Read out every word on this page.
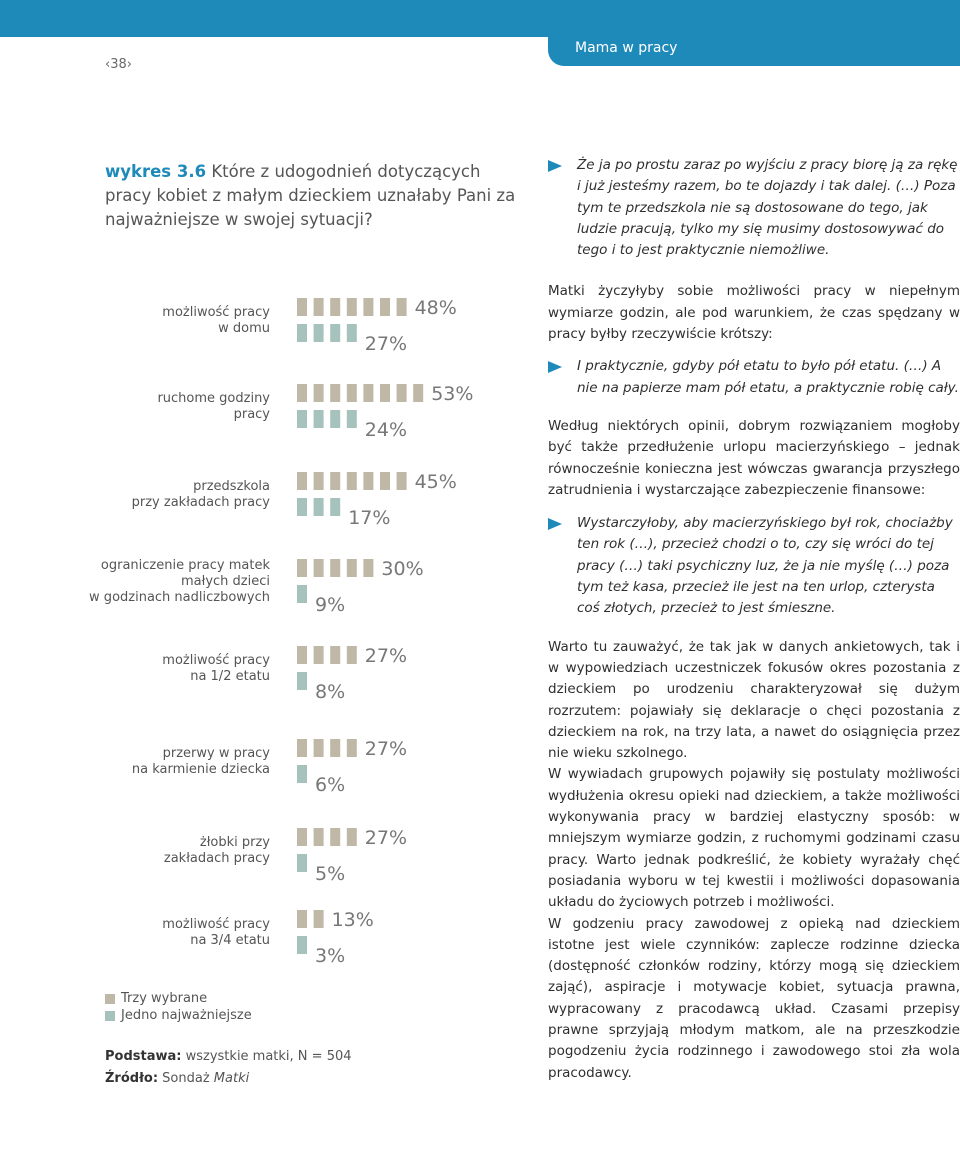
Mama w pracy
‹38›
wykres 3.6 Które z udogodnień dotyczących pracy kobiet z małym dzieckiem uznałaby Pani za najważniejsze w swojej sytuacji?
możliwość pracy
w domu
48%
27%
ruchome godziny
pracy
53%
24%
przedszkola
przy zakładach pracy
45%
17%
ograniczenie pracy matek
małych dzieci
w godzinach nadliczbowych
30%
9%
możliwość pracy
na 1/2 etatu
27%
8%
przerwy w pracy
na karmienie dziecka
27%
6%
żłobki przy
zakładach pracy
27%
5%
możliwość pracy
na 3/4 etatu
13%
3%
Trzy wybrane
Jedno najważniejsze
Podstawa: wszystkie matki, N = 504
Źródło: Sondaż Matki
Że ja po prostu zaraz po wyjściu z pracy biorę ją za rękę i już jesteśmy razem, bo te dojazdy i tak dalej. (…) Poza tym te przedszkola nie są dostosowane do tego, jak ludzie pracują, tylko my się musimy dostosowywać do tego i to jest praktycznie niemożliwe.
Matki życzyłyby sobie możliwości pracy w niepełnym wymiarze godzin, ale pod warunkiem, że czas spędzany w pracy byłby rzeczywiście krótszy:
I praktycznie, gdyby pół etatu to było pół etatu. (…) A nie na papierze mam pół etatu, a praktycznie robię cały.
Według niektórych opinii, dobrym rozwiązaniem mogłoby być także przedłużenie urlopu macierzyńskiego – jednak równocześnie konieczna jest wówczas gwarancja przyszłego zatrudnienia i wystarczające zabezpieczenie finansowe:
Wystarczyłoby, aby macierzyńskiego był rok, chociażby ten rok (…), przecież chodzi o to, czy się wróci do tej pracy (…) taki psychiczny luz, że ja nie myślę (…) poza tym też kasa, przecież ile jest na ten urlop, czterysta coś złotych, przecież to jest śmieszne.
Warto tu zauważyć, że tak jak w danych ankietowych, tak i w wypowiedziach uczestniczek fokusów okres pozostania z dzieckiem po urodzeniu charakteryzował się dużym rozrzutem: pojawiały się deklaracje o chęci pozostania z dzieckiem na rok, na trzy lata, a nawet do osiągnięcia przez nie wieku szkolnego.
W wywiadach grupowych pojawiły się postulaty możliwości wydłużenia okresu opieki nad dzieckiem, a także możliwości wykonywania pracy w bardziej elastyczny sposób: w mniejszym wymiarze godzin, z ruchomymi godzinami czasu pracy. Warto jednak podkreślić, że kobiety wyrażały chęć posiadania wyboru w tej kwestii i możliwości dopasowania układu do życiowych potrzeb i możliwości.
W godzeniu pracy zawodowej z opieką nad dzieckiem istotne jest wiele czynników: zaplecze rodzinne dziecka (dostępność członków rodziny, którzy mogą się dzieckiem zająć), aspiracje i motywacje kobiet, sytuacja prawna, wypracowany z pracodawcą układ. Czasami przepisy prawne sprzyjają młodym matkom, ale na przeszkodzie pogodzeniu życia rodzinnego i zawodowego stoi zła wola pracodawcy.
